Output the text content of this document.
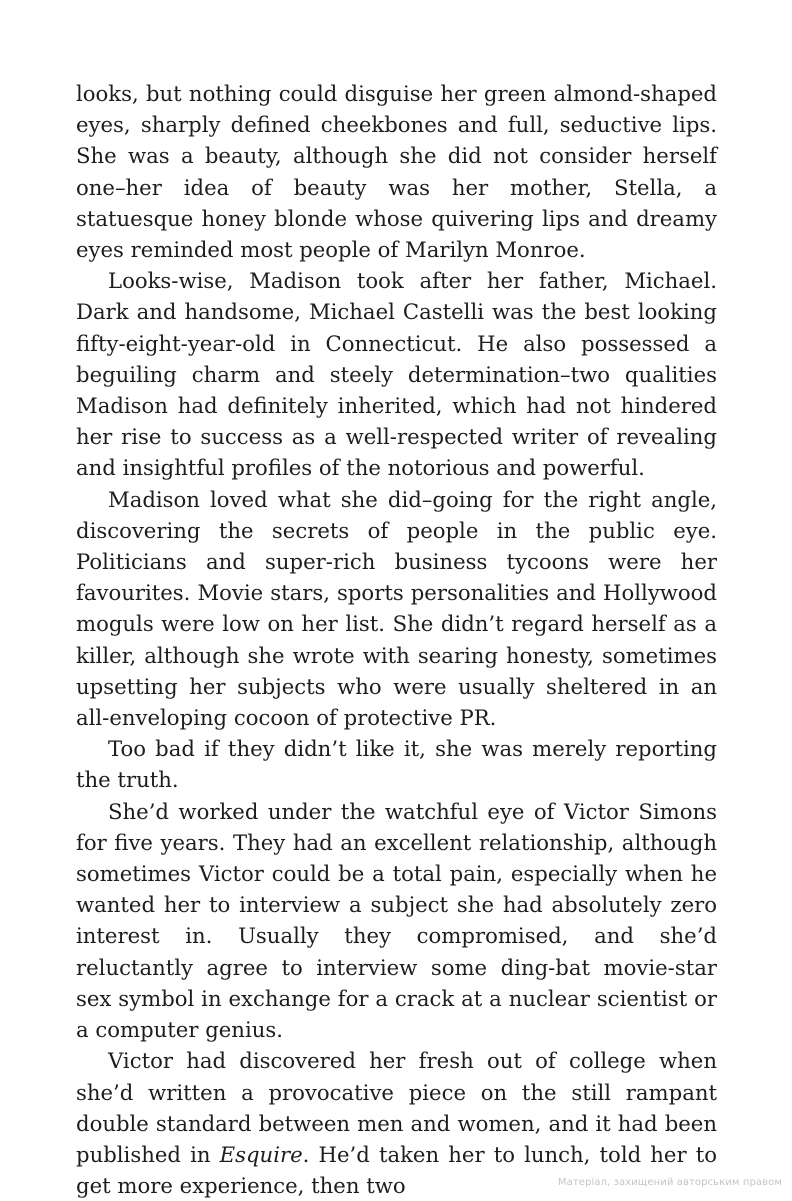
looks, but nothing could disguise her green almond-shaped eyes, sharply defined cheekbones and full, seductive lips. She was a beauty, although she did not consider herself one–her idea of beauty was her mother, Stella, a statuesque honey blonde whose quivering lips and dreamy eyes reminded most people of Marilyn Monroe.

Looks-wise, Madison took after her father, Michael. Dark and handsome, Michael Castelli was the best looking fifty-eight-year-old in Connecticut. He also possessed a beguiling charm and steely determination–two qualities Madison had definitely inherited, which had not hindered her rise to success as a well-respected writer of revealing and insightful profiles of the notorious and powerful.

Madison loved what she did–going for the right angle, discovering the secrets of people in the public eye. Politicians and super-rich business tycoons were her favourites. Movie stars, sports personalities and Hollywood moguls were low on her list. She didn’t regard herself as a killer, although she wrote with searing honesty, sometimes upsetting her subjects who were usually sheltered in an all-enveloping cocoon of protective PR.

Too bad if they didn’t like it, she was merely reporting the truth.

She’d worked under the watchful eye of Victor Simons for five years. They had an excellent relationship, although sometimes Victor could be a total pain, especially when he wanted her to interview a subject she had absolutely zero interest in. Usually they compromised, and she’d reluctantly agree to interview some ding-bat movie-star sex symbol in exchange for a crack at a nuclear scientist or a computer genius.

Victor had discovered her fresh out of college when she’d written a provocative piece on the still rampant double standard between men and women, and it had been published in Esquire. He’d taken her to lunch, told her to get more experience, then two	Матеріал, захищений авторським правом
